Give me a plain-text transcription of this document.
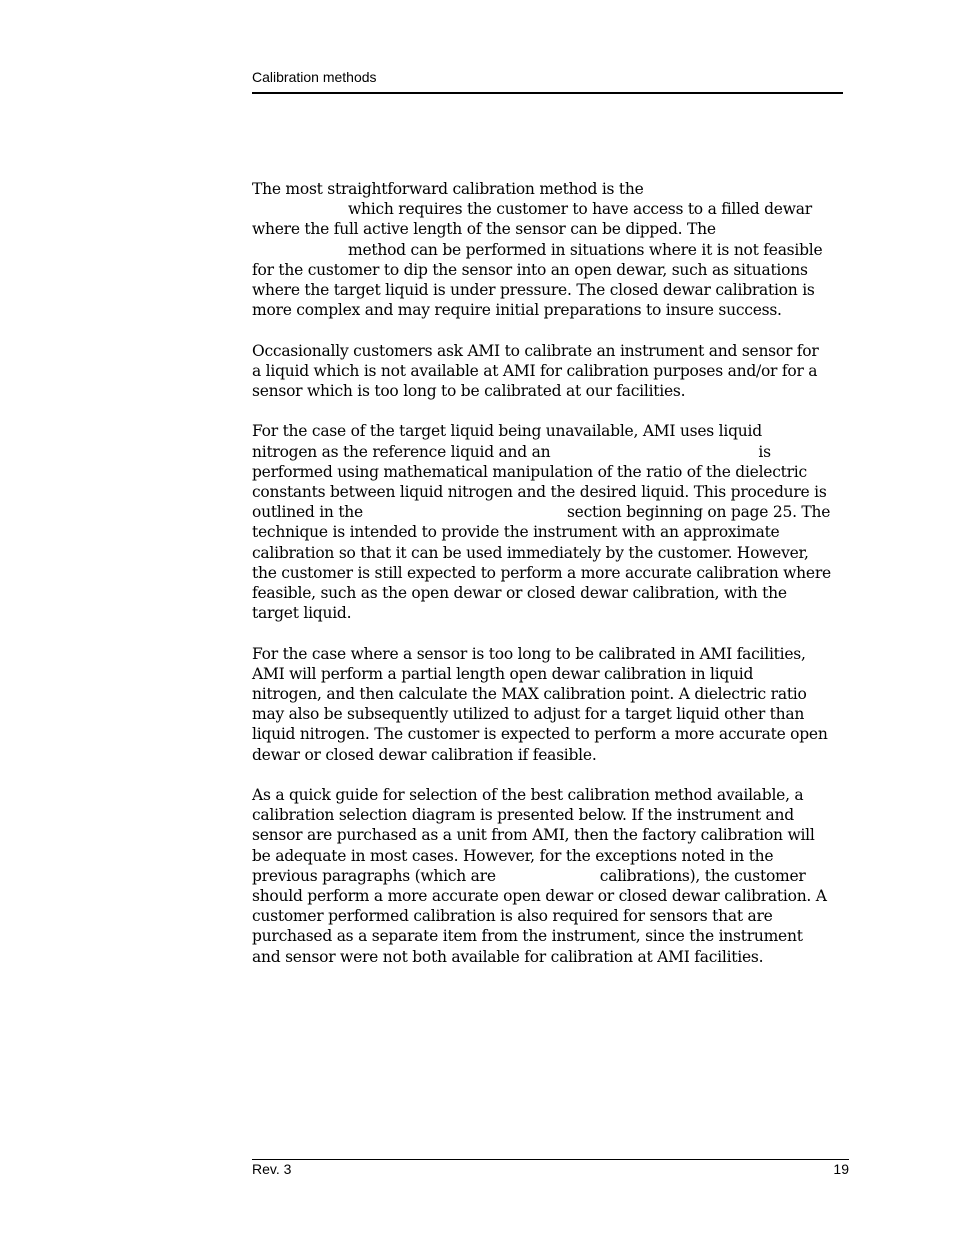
Calibration methods

The most straightforward calibration method is the
which requires the customer to have access to a filled dewar
where the full active length of the sensor can be dipped. The
method can be performed in situations where it is not feasible
for the customer to dip the sensor into an open dewar, such as situations
where the target liquid is under pressure. The closed dewar calibration is
more complex and may require initial preparations to insure success.

Occasionally customers ask AMI to calibrate an instrument and sensor for
a liquid which is not available at AMI for calibration purposes and/or for a
sensor which is too long to be calibrated at our facilities.

For the case of the target liquid being unavailable, AMI uses liquid
nitrogen as the reference liquid and an	is
performed using mathematical manipulation of the ratio of the dielectric
constants between liquid nitrogen and the desired liquid. This procedure is
outlined in the	section beginning on page 25. The
technique is intended to provide the instrument with an approximate
calibration so that it can be used immediately by the customer. However,
the customer is still expected to perform a more accurate calibration where
feasible, such as the open dewar or closed dewar calibration, with the
target liquid.

For the case where a sensor is too long to be calibrated in AMI facilities,
AMI will perform a partial length open dewar calibration in liquid
nitrogen, and then calculate the MAX calibration point. A dielectric ratio
may also be subsequently utilized to adjust for a target liquid other than
liquid nitrogen. The customer is expected to perform a more accurate open
dewar or closed dewar calibration if feasible.

As a quick guide for selection of the best calibration method available, a
calibration selection diagram is presented below. If the instrument and
sensor are purchased as a unit from AMI, then the factory calibration will
be adequate in most cases. However, for the exceptions noted in the
previous paragraphs (which are	calibrations), the customer
should perform a more accurate open dewar or closed dewar calibration. A
customer performed calibration is also required for sensors that are
purchased as a separate item from the instrument, since the instrument
and sensor were not both available for calibration at AMI facilities.

Rev. 3	19
